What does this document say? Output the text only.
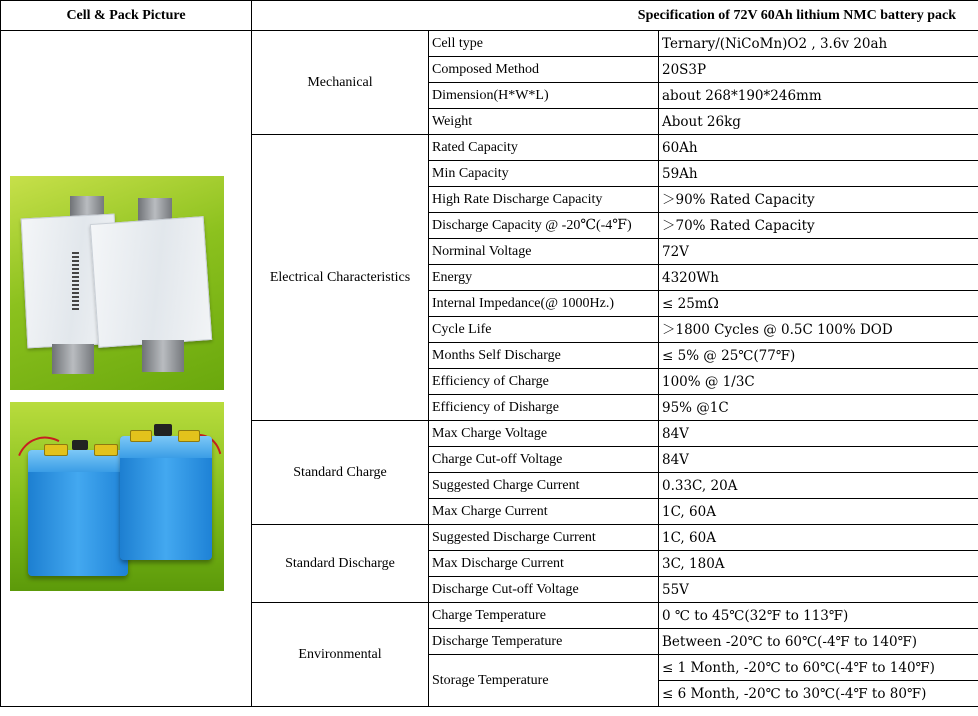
Cell & Pack Picture	Specification of 72V 60Ah lithium NMC battery pack		

	Mechanical	Cell type	Ternary/(NiCoMn)O2 , 3.6v 20ah
		Composed Method	20S3P
		Dimension(H*W*L)	about 268*190*246mm
		Weight	About 26kg
	Electrical Characteristics	Rated Capacity	60Ah
		Min Capacity	59Ah
		High Rate Discharge Capacity	＞90% Rated Capacity
		Discharge Capacity @ -20℃(-4℉)	＞70% Rated Capacity
		Norminal Voltage	72V
		Energy	4320Wh
		Internal Impedance(@ 1000Hz.)	≤ 25mΩ
		Cycle Life	＞1800 Cycles @ 0.5C 100% DOD
		Months Self Discharge	≤ 5% @ 25℃(77℉)
		Efficiency of Charge	100% @ 1/3C
		Efficiency of Disharge	95% @1C
	Standard Charge	Max Charge Voltage	84V
		Charge Cut-off Voltage	84V
		Suggested Charge Current	0.33C, 20A
		Max Charge Current	1C, 60A
	Standard Discharge	Suggested Discharge Current	1C, 60A
		Max Discharge Current	3C, 180A
		Discharge Cut-off Voltage	55V
	Environmental	Charge Temperature	0 ℃ to 45℃(32℉ to 113℉)
		Discharge Temperature	Between -20℃ to 60℃(-4℉ to 140℉)
		Storage Temperature	≤ 1 Month, -20℃ to 60℃(-4℉ to 140℉)
			≤ 6 Month, -20℃ to 30℃(-4℉ to 80℉)
